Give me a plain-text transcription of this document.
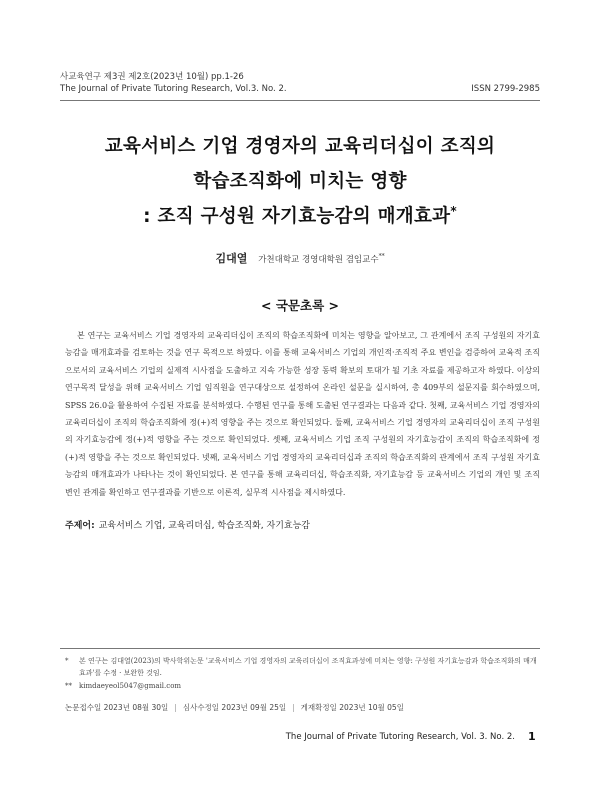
사교육연구 제3권 제2호(2023년 10월) pp.1-26
The Journal of Private Tutoring Research, Vol.3. No. 2.	ISSN 2799-2985
교육서비스 기업 경영자의 교육리더십이 조직의
학습조직화에 미치는 영향
: 조직 구성원 자기효능감의 매개효과*
김대열 가천대학교 경영대학원 겸임교수**
< 국문초록 >

본 연구는 교육서비스 기업 경영자의 교육리더십이 조직의 학습조직화에 미치는 영향을 알아보고, 그 관계에서 조직 구성원의 자기효능감을 매개효과를 검토하는 것을 연구 목적으로 하였다. 이를 통해 교육서비스 기업의 개인적·조직적 주요 변인을 검증하여 교육적 조직으로서의 교육서비스 기업의 실제적 시사점을 도출하고 지속 가능한 성장 동력 확보의 토대가 될 기초 자료를 제공하고자 하였다. 이상의 연구목적 달성을 위해 교육서비스 기업 임직원을 연구대상으로 설정하여 온라인 설문을 실시하여, 총 409부의 설문지를 회수하였으며, SPSS 26.0을 활용하여 수집된 자료를 분석하였다. 수행된 연구를 통해 도출된 연구결과는 다음과 같다. 첫째, 교육서비스 기업 경영자의 교육리더십이 조직의 학습조직화에 정(+)적 영향을 주는 것으로 확인되었다. 둘째, 교육서비스 기업 경영자의 교육리더십이 조직 구성원의 자기효능감에 정(+)적 영향을 주는 것으로 확인되었다. 셋째, 교육서비스 기업 조직 구성원의 자기효능감이 조직의 학습조직화에 정(+)적 영향을 주는 것으로 확인되었다. 넷째, 교육서비스 기업 경영자의 교육리더십과 조직의 학습조직화의 관계에서 조직 구성원 자기효능감의 매개효과가 나타나는 것이 확인되었다. 본 연구를 통해 교육리더십, 학습조직화, 자기효능감 등 교육서비스 기업의 개인 및 조직 변인 관계를 확인하고 연구결과를 기반으로 이론적, 실무적 시사점을 제시하였다.

주제어: 교육서비스 기업, 교육리더십, 학습조직화, 자기효능감
* 본 연구는 김대열(2023)의 박사학위논문 '교육서비스 기업 경영자의 교육리더십이 조직효과성에 미치는 영향: 구성원 자기효능감과 학습조직화의 매개효과'를 수정 · 보완한 것임.
** kimdaeyeol5047@gmail.com
논문접수일 2023년 08월 30일 | 심사수정일 2023년 09월 25일 | 게재확정일 2023년 10월 05일
The Journal of Private Tutoring Research, Vol. 3. No. 2. 1
